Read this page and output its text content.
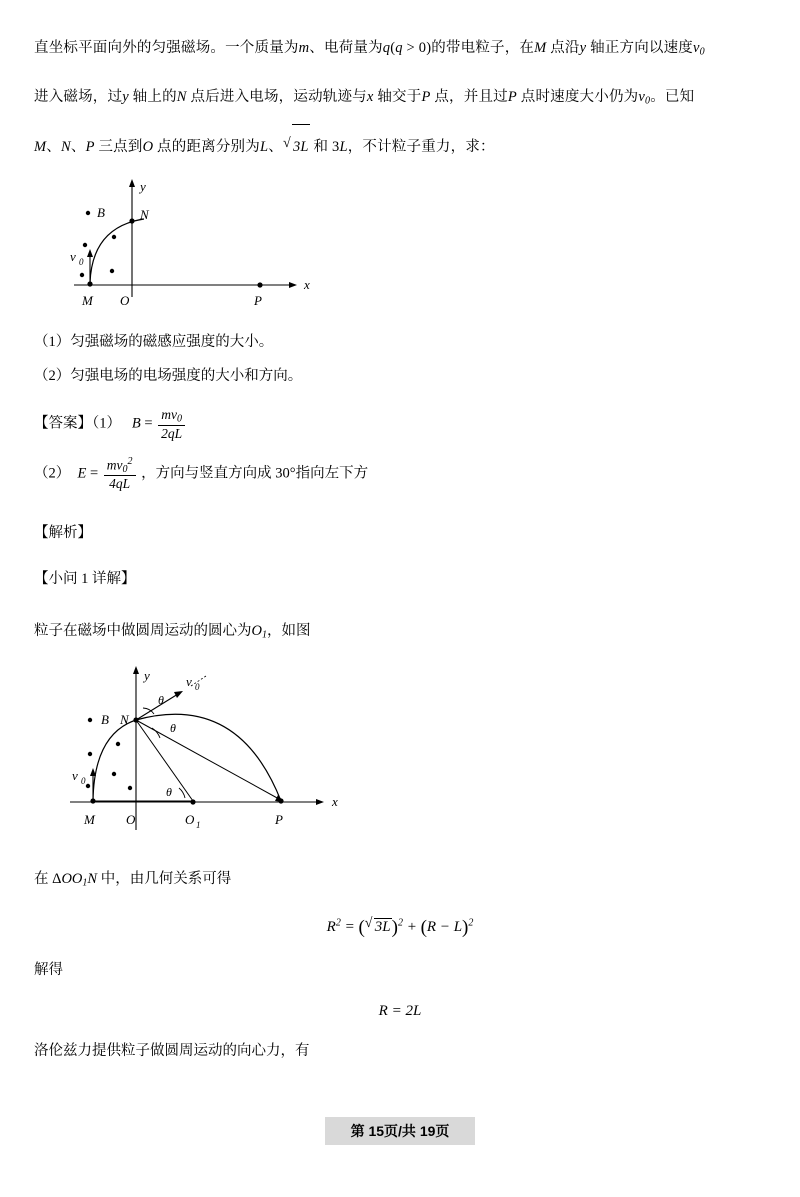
直坐标平面向外的匀强磁场。一个质量为m、电荷量为q(q > 0)的带电粒子，在M 点沿y 轴正方向以速度$v_0$
进入磁场，过y 轴上的N 点后进入电场，运动轨迹与x 轴交于P 点，并且过P 点时速度大小仍为$v_0$。已知
M、N、P 三点到O 点的距离分别为L、 √ 3L 和 3L，不计粒子重力，求：
y
x
B	N
M O	P
v 0
（1）匀强磁场的磁感应强度的大小。
（2）匀强电场的电场强度的大小和方向。
【答案】（1） $B = \frac{mv_0}{2qL}$
（2） $E = \frac{mv_0^2}{4qL}$ ，方向与竖直方向成 30°指向左下方
【解析】
【小问 1 详解】
粒子在磁场中做圆周运动的圆心为$O_1$，如图
y
x
B N
M O	O 1	P
v 0
v 0
θ
θ
θ
在 $\Delta OO_1N$ 中，由几何关系可得
$R^2$ = ( √ $3L)^2 + (R - L)^2$
解得
R = 2L
洛伦兹力提供粒子做圆周运动的向心力，有
第 15页/共 19页
